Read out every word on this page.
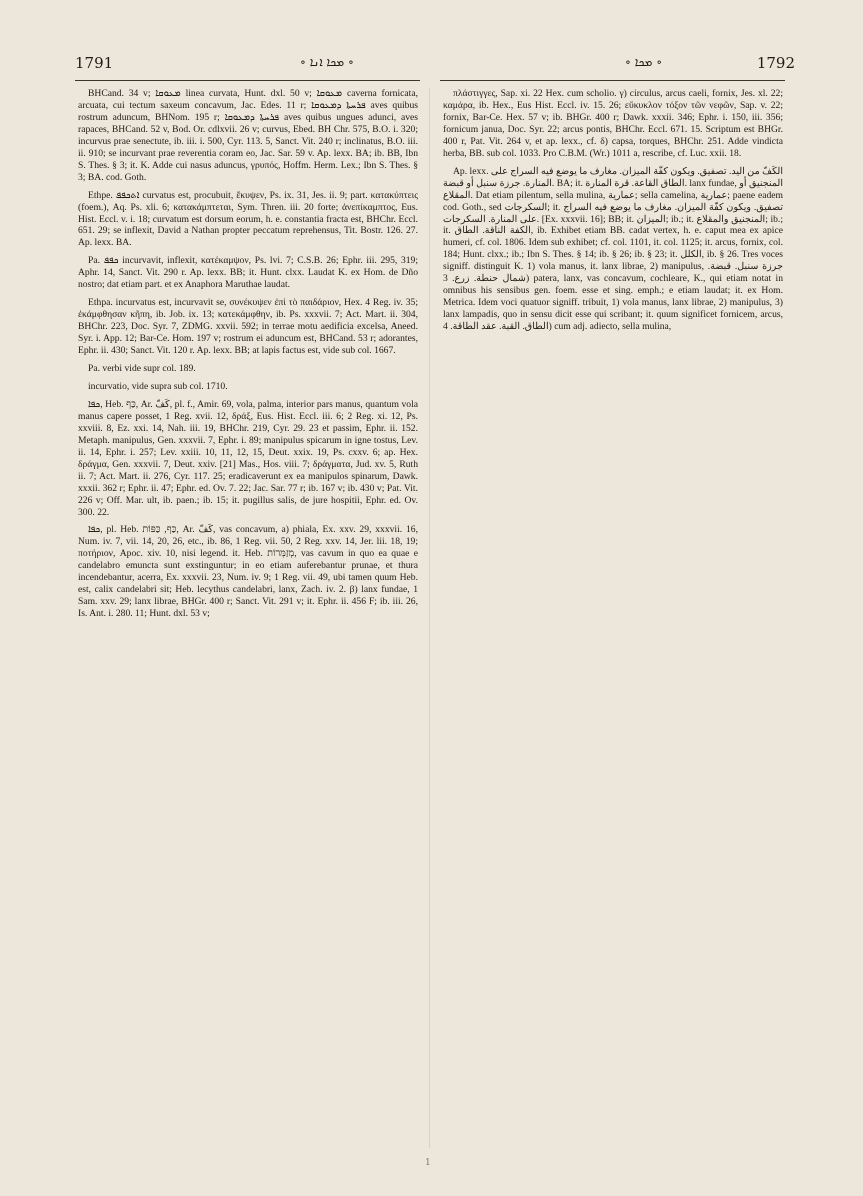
1791	∘ ܡܟܐ ܐܢܐ ∘	∘ ܡܟܐ ∘	1792

BHCand. 34 v; ܡܥܘܩܐ linea curvata, Hunt. dxl. 50 v; ܡܥܘܩܐ caverna fornicata, arcuata, cui tectum saxeum concavum, Jac. Edes. 11 r; ܦܪܚܬܐ ܕܡܥܘܩܐ aves quibus rostrum aduncum, BHNom. 195 r; ܦܪܚܬܐ ܕܡܥܘܩܐ aves quibus ungues adunci, aves rapaces, BHCand. 52 v, Bod. Or. cdlxvii. 26 v; curvus, Ebed. BH Chr. 575, B.O. i. 320; incurvus prae senectute, ib. iii. i. 500, Cyr. 113. 5, Sanct. Vit. 240 r; inclinatus, B.O. iii. ii. 910; se incurvant prae reverentia coram eo, Jac. Sar. 59 v. Ap. lexx. BA; ib. BB, Ibn S. Thes. § 3; it. K. Adde cui nasus aduncus, γρυπός, Hoffm. Herm. Lex.; Ibn S. Thes. § 3; BA. cod. Goth.

Ethpe. ܐܬܟܦܦ curvatus est, procubuit, ἔκυψεν, Ps. ix. 31, Jes. ii. 9; part. κατακύπτεις (foem.), Aq. Ps. xli. 6; κατακάμπτεται, Sym. Thren. iii. 20 forte; ἀνεπίκαμπτος, Eus. Hist. Eccl. v. i. 18; curvatum est dorsum eorum, h. e. constantia fracta est, BHChr. Eccl. 651. 29; se inflexit, David a Nathan propter peccatum reprehensus, Tit. Bostr. 126. 27. Ap. lexx. BA.

Pa. ܟܦܦ incurvavit, inflexit, κατέκαμψον, Ps. lvi. 7; C.S.B. 26; Ephr. iii. 295, 319; Aphr. 14, Sanct. Vit. 290 r. Ap. lexx. BB; it. Hunt. clxx. Laudat K. ex Hom. de Dño nostro; dat etiam part. et ex Anaphora Maruthae laudat.

Ethpa. incurvatus est, incurvavit se, συνέκυψεν ἐπὶ τὸ παιδάριον, Hex. 4 Reg. iv. 35; ἐκάμφθησαν κῆπη, ib. Job. ix. 13; κατεκάμφθην, ib. Ps. xxxvii. 7; Act. Mart. ii. 304, BHChr. 223, Doc. Syr. 7, ZDMG. xxvii. 592; in terrae motu aedificia excelsa, Aneed. Syr. i. App. 12; Bar-Ce. Hom. 197 v; rostrum ei aduncum est, BHCand. 53 r; adorantes, Ephr. ii. 430; Sanct. Vit. 120 r. Ap. lexx. BB; at lapis factus est, vide sub col. 1667.

Pa. verbi vide supr col. 189.

incurvatio, vide supra sub col. 1710.

ܟܦܐ, Heb. כַּף, Ar. كَفّ, pl. f., Amir. 69, vola, palma, interior pars manus, quantum vola manus capere posset, 1 Reg. xvii. 12, δράξ, Eus. Hist. Eccl. iii. 6; 2 Reg. xi. 12, Ps. xxviii. 8, Ez. xxi. 14, Nah. iii. 19, BHChr. 219, Cyr. 29. 23 et passim, Ephr. ii. 152. Metaph. manipulus, Gen. xxxvii. 7, Ephr. i. 89; manipulus spicarum in igne tostus, Lev. ii. 14, Ephr. i. 257; Lev. xxiii. 10, 11, 12, 15, Deut. xxix. 19, Ps. cxxv. 6; ap. Hex. δράγμα, Gen. xxxvii. 7, Deut. xxiv. [21] Mas., Hos. viii. 7; δράγματα, Jud. xv. 5, Ruth ii. 7; Act. Mart. ii. 276, Cyr. 117. 25; eradicaverunt ex ea manipulos spinarum, Dawk. xxxii. 362 r; Ephr. ii. 47; Ephr. ed. Ov. 7. 22; Jac. Sar. 77 r; ib. 167 v; ib. 430 v; Pat. Vit. 226 v; Off. Mar. ult, ib. paen.; ib. 15; it. pugillus salis, de jure hospitii, Ephr. ed. Ov. 300. 22.

ܟܦܐ, pl. Heb. כַּף, כַּפּוֹת, Ar. كَفّ, vas concavum, a) phiala, Ex. xxv. 29, xxxvii. 16, Num. iv. 7, vii. 14, 20, 26, etc., ib. 86, 1 Reg. vii. 50, 2 Reg. xxv. 14, Jer. lii. 18, 19; ποτήριον, Apoc. xiv. 10, nisi legend. it. Heb. מְזַמְּרוֹת, vas cavum in quo ea quae e candelabro emuncta sunt exstinguntur; in eo etiam auferebantur prunae, et thura incendebantur, acerra, Ex. xxxvii. 23, Num. iv. 9; 1 Reg. vii. 49, ubi tamen quum Heb. est, calix candelabri sit; Heb. lecythus candelabri, lanx, Zach. iv. 2. β) lanx fundae, 1 Sam. xxv. 29; lanx librae, BHGr. 400 r; Sanct. Vit. 291 v; it. Ephr. ii. 456 F; ib. iii. 26, Is. Ant. i. 280. 11; Hunt. dxl. 53 v;

πλάστιγγες, Sap. xi. 22 Hex. cum scholio. γ) circulus, arcus caeli, fornix, Jes. xl. 22; καμάρα, ib. Hex., Eus Hist. Eccl. iv. 15. 26; εὔκυκλον τόξον τῶν νεφῶν, Sap. v. 22; fornix, Bar-Ce. Hex. 57 v; ib. BHGr. 400 r; Dawk. xxxii. 346; Ephr. i. 150, iii. 356; fornicum janua, Doc. Syr. 22; arcus pontis, BHChr. Eccl. 671. 15. Scriptum est BHGr. 400 r, Pat. Vit. 264 v, et ap. lexx., cf. δ) capsa, torques, BHChr. 251. Adde vindicta herba, BB. sub col. 1033. Pro C.B.M. (Wr.) 1011 a, rescribe, cf. Luc. xxii. 18.

Ap. lexx. الكَفّ من اليد. تصفيق. ويكون كفّة الميزان. مغارف ما يوضع فيه السراج على المنارة. جرزة سنبل أو قبضة. BA; it. الطاق القاعة. قرة المنارة. lanx fundae, المنجنيق أو المقلاع. Dat etiam pilentum, sella mulina, عمارية; sella camelina, عمارية; paene eadem cod. Goth., sed السكرجات; it. تصفيق. ويكون كفّة الميزان. مغارف ما يوضع فيه السراج على المنارة. السكرجات. [Ex. xxxvii. 16]; BB; it. الميزان; ib.; it. المنجنيق والمقلاع; ib.; it. الكفة الناقة. الطاق, ib. Exhibet etiam BB. cadat vertex, h. e. caput mea ex apice humeri, cf. col. 1806. Idem sub exhibet; cf. col. 1101, it. col. 1125; it. arcus, fornix, col. 184; Hunt. clxx.; ib.; Ibn S. Thes. § 14; ib. § 26; ib. § 23; it. الكلل, ib. § 26. Tres voces signiff. distinguit K. 1) vola manus, it. lanx librae, 2) manipulus, جرزة سنبل. قبضة. شمال حنطة. زرع. 3) patera, lanx, vas concavum, cochleare, K., qui etiam notat in omnibus his sensibus gen. foem. esse et sing. emph.; e etiam laudat; it. ex Hom. Metrica. Idem voci quatuor signiff. tribuit, 1) vola manus, lanx librae, 2) manipulus, 3) lanx lampadis, quo in sensu dicit esse qui scribant; it. quum significet fornicem, arcus, الطاق. القبة. عقد الطاقة. 4) cum adj. adiecto, sella mulina,

1
